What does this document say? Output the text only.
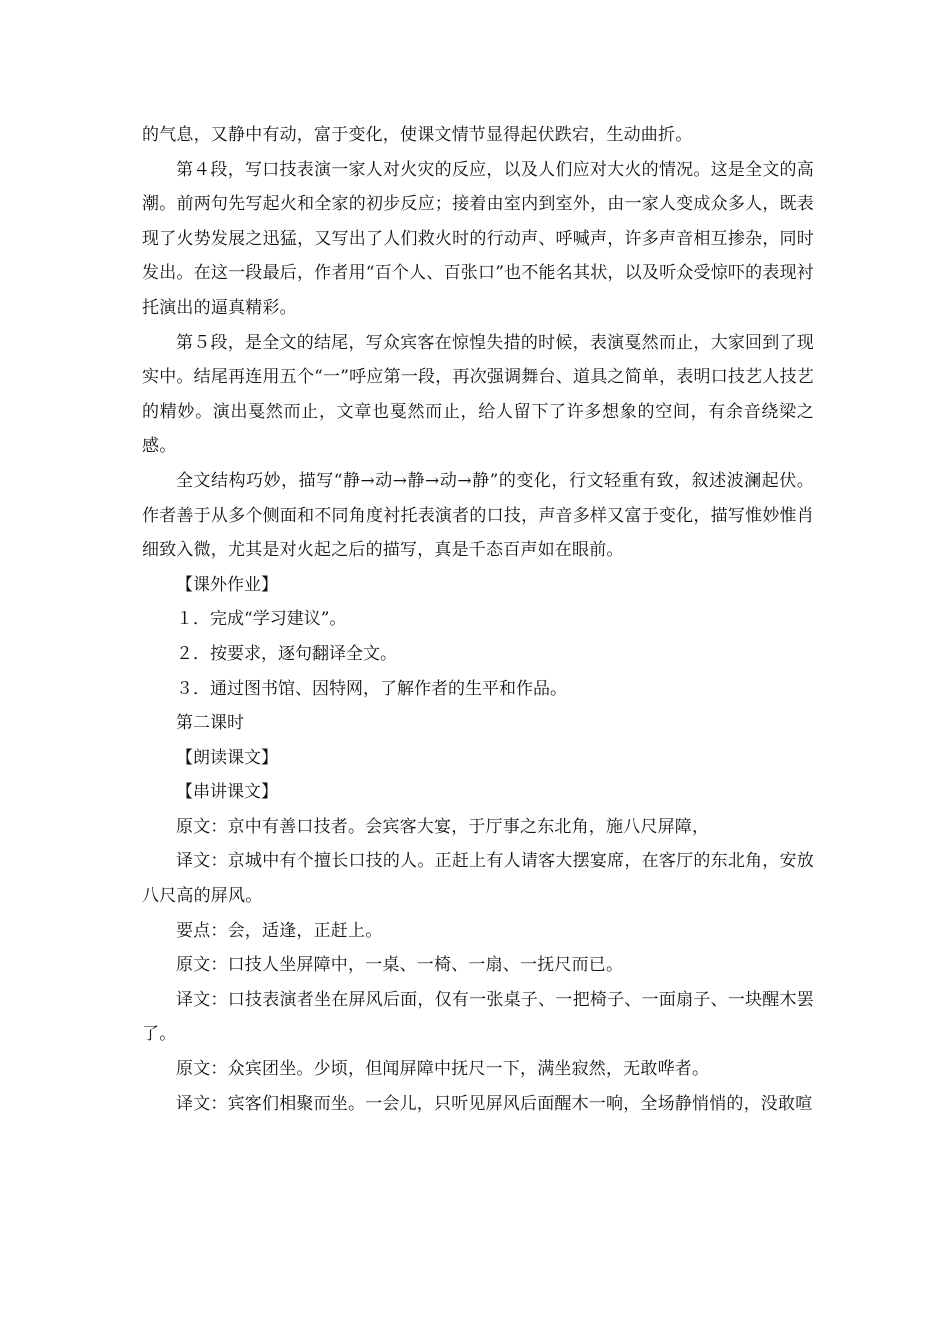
的气息，又静中有动，富于变化，使课文情节显得起伏跌宕，生动曲折。

第４段，写口技表演一家人对火灾的反应，以及人们应对大火的情况。这是全文的高潮。前两句先写起火和全家的初步反应；接着由室内到室外，由一家人变成众多人，既表现了火势发展之迅猛，又写出了人们救火时的行动声、呼喊声，许多声音相互掺杂，同时发出。在这一段最后，作者用“百个人、百张口”也不能名其状，以及听众受惊吓的表现衬托演出的逼真精彩。

第５段，是全文的结尾，写众宾客在惊惶失措的时候，表演戛然而止，大家回到了现实中。结尾再连用五个“一”呼应第一段，再次强调舞台、道具之简单，表明口技艺人技艺的精妙。演出戛然而止，文章也戛然而止，给人留下了许多想象的空间，有余音绕梁之感。

全文结构巧妙，描写“静→动→静→动→静”的变化，行文轻重有致，叙述波澜起伏。作者善于从多个侧面和不同角度衬托表演者的口技，声音多样又富于变化，描写惟妙惟肖细致入微，尤其是对火起之后的描写，真是千态百声如在眼前。

【课外作业】

１．完成“学习建议”。

２．按要求，逐句翻译全文。

３．通过图书馆、因特网，了解作者的生平和作品。

第二课时

【朗读课文】

【串讲课文】

原文：京中有善口技者。会宾客大宴，于厅事之东北角，施八尺屏障，

译文：京城中有个擅长口技的人。正赶上有人请客大摆宴席，在客厅的东北角，安放八尺高的屏风。

要点：会，适逢，正赶上。

原文：口技人坐屏障中，一桌、一椅、一扇、一抚尺而已。

译文：口技表演者坐在屏风后面，仅有一张桌子、一把椅子、一面扇子、一块醒木罢了。

原文：众宾团坐。少顷，但闻屏障中抚尺一下，满坐寂然，无敢哗者。

译文：宾客们相聚而坐。一会儿，只听见屏风后面醒木一响，全场静悄悄的，没敢喧
